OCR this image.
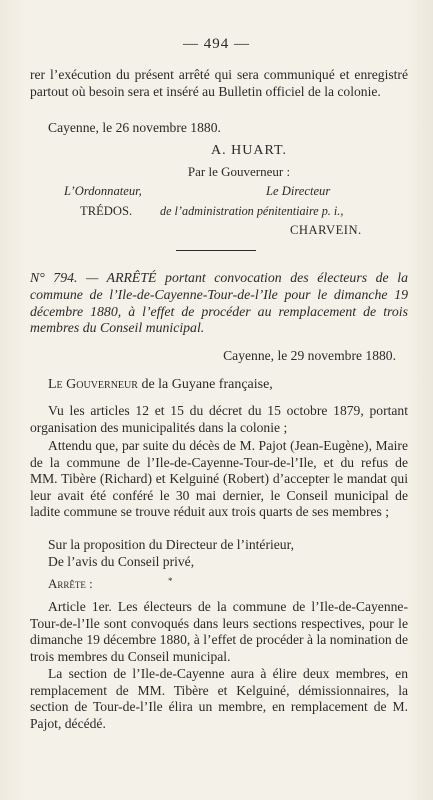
— 494 —
rer l’exécution du présent arrêté qui sera communiqué et enregistré partout où besoin sera et inséré au Bulletin officiel de la colonie.
Cayenne, le 26 novembre 1880.
A. HUART.
Par le Gouverneur :
L’Ordonnateur,	Le Directeur
TRÉDOS. de l’administration pénitentiaire p. i.,
CHARVEIN.
N° 794. — ARRÊTÉ portant convocation des électeurs de la commune de l’Ile-de-Cayenne-Tour-de-l’Ile pour le dimanche 19 décembre 1880, à l’effet de procéder au remplacement de trois membres du Conseil municipal.
Cayenne, le 29 novembre 1880.
Le Gouverneur de la Guyane française,
Vu les articles 12 et 15 du décret du 15 octobre 1879, portant organisation des municipalités dans la colonie ;
Attendu que, par suite du décès de M. Pajot (Jean-Eugène), Maire de la commune de l’Ile-de-Cayenne-Tour-de-l’Ile, et du refus de MM. Tibère (Richard) et Kelguiné (Robert) d’accepter le mandat qui leur avait été conféré le 30 mai dernier, le Conseil municipal de ladite commune se trouve réduit aux trois quarts de ses membres ;
Sur la proposition du Directeur de l’intérieur,
De l’avis du Conseil privé,
Arrête :	*
Article 1er. Les électeurs de la commune de l’Ile-de-Cayenne-Tour-de-l’Ile sont convoqués dans leurs sections respectives, pour le dimanche 19 décembre 1880, à l’effet de procéder à la nomination de trois membres du Conseil municipal.
La section de l’Ile-de-Cayenne aura à élire deux membres, en remplacement de MM. Tibère et Kelguiné, démissionnaires, la section de Tour-de-l’Ile élira un membre, en remplacement de M. Pajot, décédé.
